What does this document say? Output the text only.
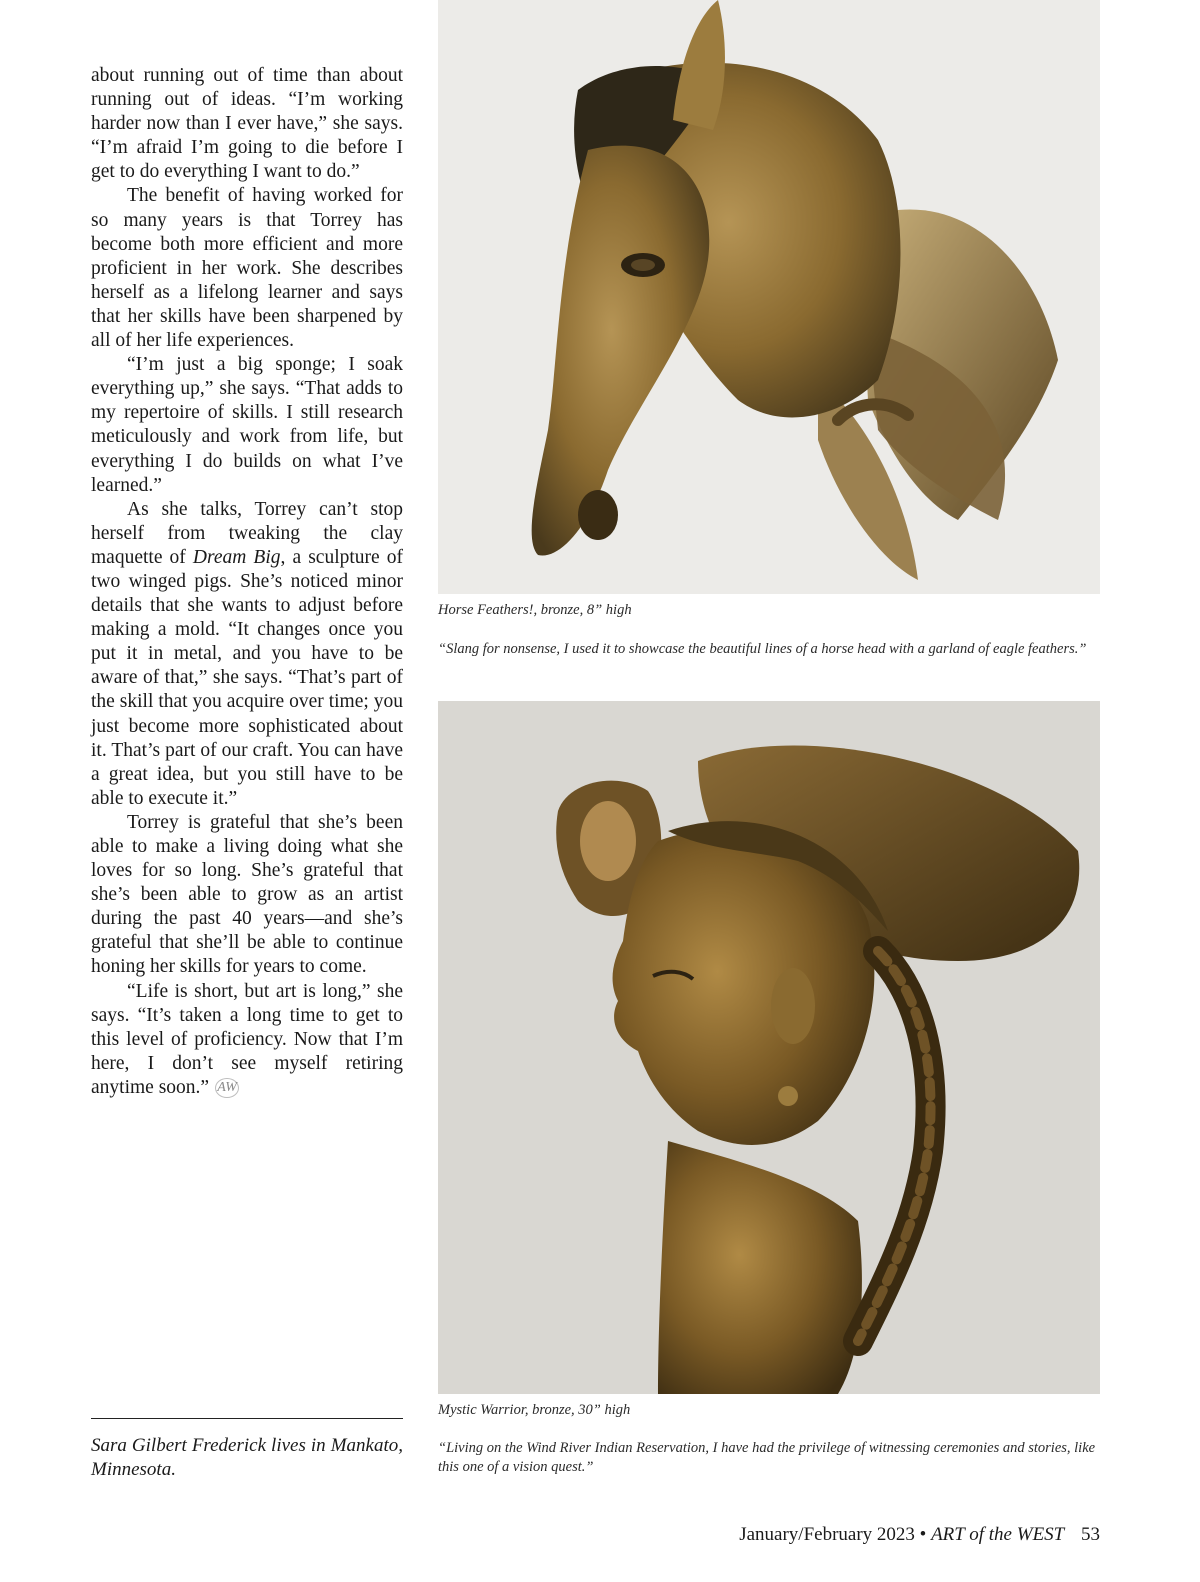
about running out of time than about running out of ideas. “I’m working harder now than I ever have,” she says. “I’m afraid I’m going to die before I get to do everything I want to do.”

The benefit of having worked for so many years is that Torrey has become both more efficient and more proficient in her work. She describes herself as a lifelong learner and says that her skills have been sharpened by all of her life experiences.

“I’m just a big sponge; I soak everything up,” she says. “That adds to my repertoire of skills. I still research meticulously and work from life, but everything I do builds on what I’ve learned.”

As she talks, Torrey can’t stop herself from tweaking the clay maquette of Dream Big, a sculpture of two winged pigs. She’s noticed minor details that she wants to adjust before making a mold. “It changes once you put it in metal, and you have to be aware of that,” she says. “That’s part of the skill that you acquire over time; you just become more sophisticated about it. That’s part of our craft. You can have a great idea, but you still have to be able to execute it.”

Torrey is grateful that she’s been able to make a living doing what she loves for so long. She’s grateful that she’s been able to grow as an artist during the past 40 years—and she’s grateful that she’ll be able to continue honing her skills for years to come.

“Life is short, but art is long,” she says. “It’s taken a long time to get to this level of proficiency. Now that I’m here, I don’t see myself retiring anytime soon.” AW

Sara Gilbert Frederick lives in Mankato, Minnesota.

Horse Feathers!, bronze, 8” high

“Slang for nonsense, I used it to showcase the beautiful lines of a horse head with a garland of eagle feathers.”

Mystic Warrior, bronze, 30” high

“Living on the Wind River Indian Reservation, I have had the privilege of witnessing ceremonies and stories, like this one of a vision quest.”

January/February 2023 • ART of the WEST 53
